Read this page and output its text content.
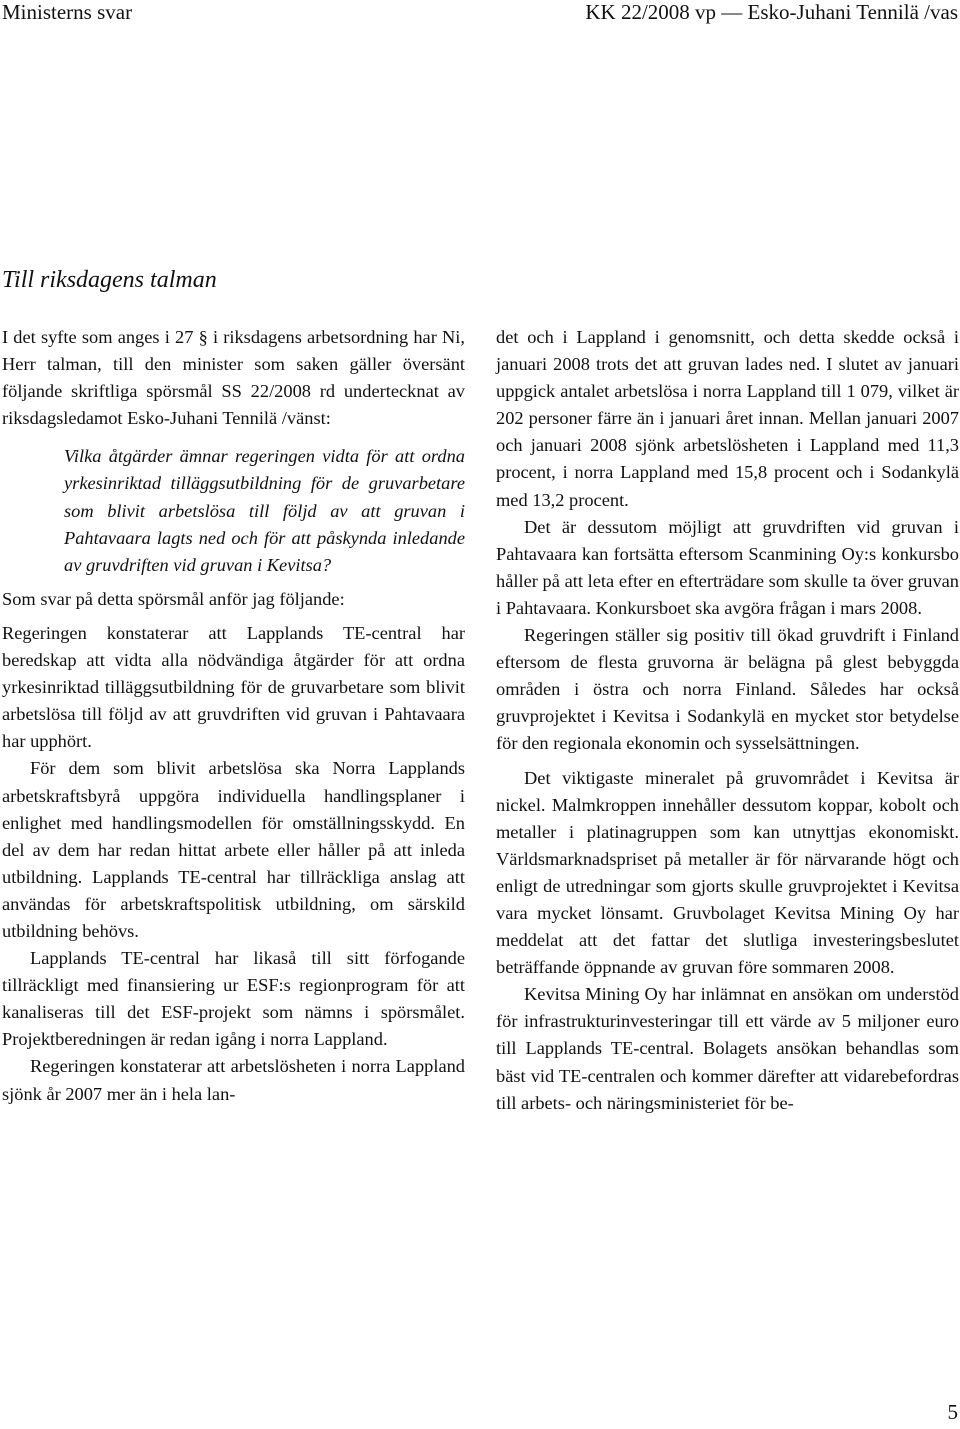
Ministerns svar	KK 22/2008 vp — Esko-Juhani Tennilä /vas
Till riksdagens talman

I det syfte som anges i 27 § i riksdagens arbetsordning har Ni, Herr talman, till den minister som saken gäller översänt följande skriftliga spörsmål SS 22/2008 rd undertecknat av riksdagsledamot Esko-Juhani Tennilä /vänst:

Vilka åtgärder ämnar regeringen vidta för att ordna yrkesinriktad tilläggsutbildning för de gruvarbetare som blivit arbetslösa till följd av att gruvan i Pahtavaara lagts ned och för att påskynda inledande av gruvdriften vid gruvan i Kevitsa?

Som svar på detta spörsmål anför jag följande:

Regeringen konstaterar att Lapplands TE-central har beredskap att vidta alla nödvändiga åtgärder för att ordna yrkesinriktad tilläggsutbildning för de gruvarbetare som blivit arbetslösa till följd av att gruvdriften vid gruvan i Pahtavaara har upphört.

För dem som blivit arbetslösa ska Norra Lapplands arbetskraftsbyrå uppgöra individuella handlingsplaner i enlighet med handlingsmodellen för omställningsskydd. En del av dem har redan hittat arbete eller håller på att inleda utbildning. Lapplands TE-central har tillräckliga anslag att användas för arbetskraftspolitisk utbildning, om särskild utbildning behövs.

Lapplands TE-central har likaså till sitt förfogande tillräckligt med finansiering ur ESF:s regionprogram för att kanaliseras till det ESF-projekt som nämns i spörsmålet. Projektberedningen är redan igång i norra Lappland.

Regeringen konstaterar att arbetslösheten i norra Lappland sjönk år 2007 mer än i hela lan-

det och i Lappland i genomsnitt, och detta skedde också i januari 2008 trots det att gruvan lades ned. I slutet av januari uppgick antalet arbetslösa i norra Lappland till 1 079, vilket är 202 personer färre än i januari året innan. Mellan januari 2007 och januari 2008 sjönk arbetslösheten i Lappland med 11,3 procent, i norra Lappland med 15,8 procent och i Sodankylä med 13,2 procent.

Det är dessutom möjligt att gruvdriften vid gruvan i Pahtavaara kan fortsätta eftersom Scanmining Oy:s konkursbo håller på att leta efter en efterträdare som skulle ta över gruvan i Pahtavaara. Konkursboet ska avgöra frågan i mars 2008.

Regeringen ställer sig positiv till ökad gruvdrift i Finland eftersom de flesta gruvorna är belägna på glest bebyggda områden i östra och norra Finland. Således har också gruvprojektet i Kevitsa i Sodankylä en mycket stor betydelse för den regionala ekonomin och sysselsättningen.

Det viktigaste mineralet på gruvområdet i Kevitsa är nickel. Malmkroppen innehåller dessutom koppar, kobolt och metaller i platinagruppen som kan utnyttjas ekonomiskt. Världsmarknadspriset på metaller är för närvarande högt och enligt de utredningar som gjorts skulle gruvprojektet i Kevitsa vara mycket lönsamt. Gruvbolaget Kevitsa Mining Oy har meddelat att det fattar det slutliga investeringsbeslutet beträffande öppnande av gruvan före sommaren 2008.

Kevitsa Mining Oy har inlämnat en ansökan om understöd för infrastrukturinvesteringar till ett värde av 5 miljoner euro till Lapplands TE-central. Bolagets ansökan behandlas som bäst vid TE-centralen och kommer därefter att vidarebefordras till arbets- och näringsministeriet för be-

5
